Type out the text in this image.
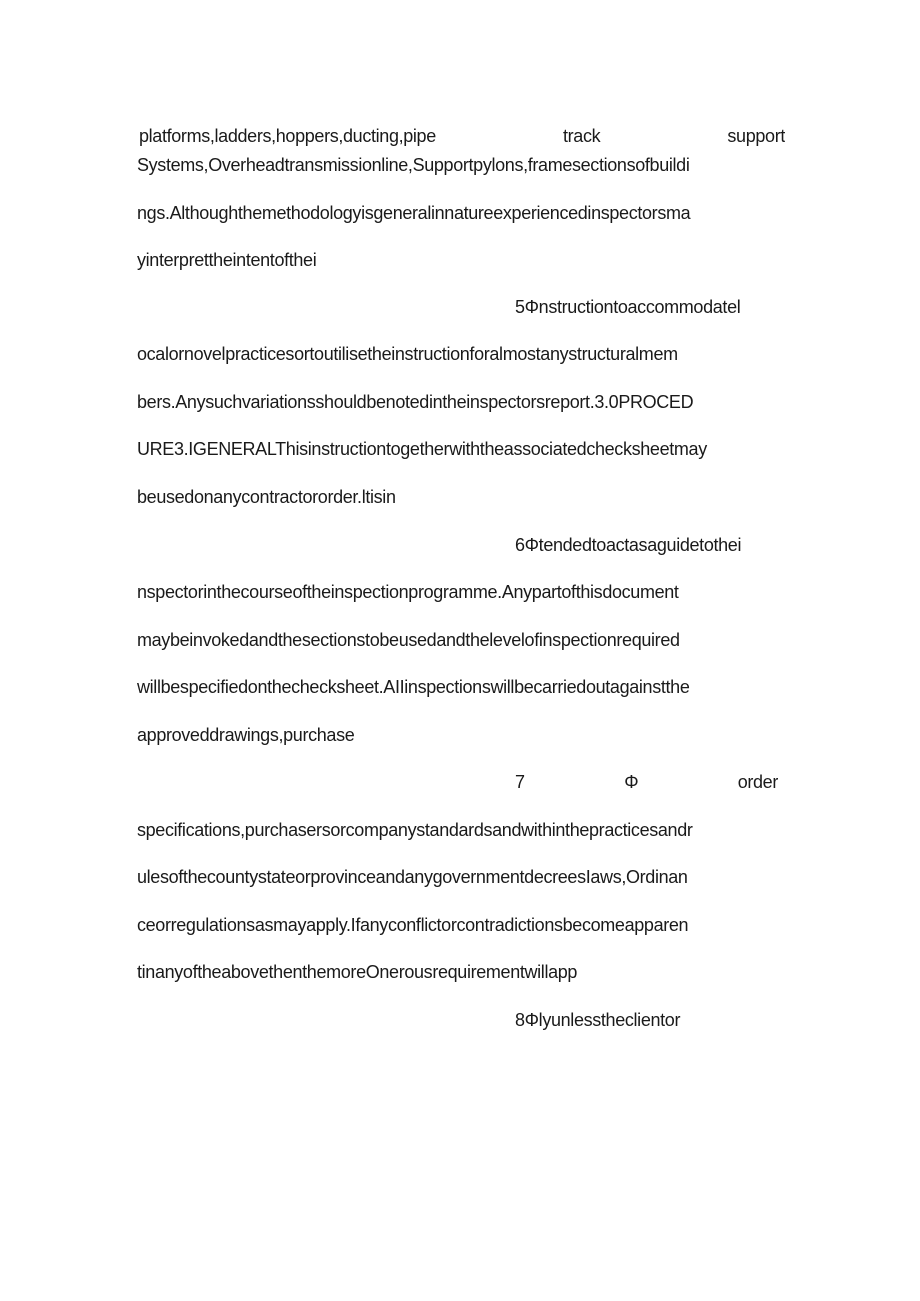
platforms,ladders,hoppers,ducting,pipe	track	support
Systems,Overheadtransmissionline,Supportpylons,framesectionsofbuildi
ngs.Althoughthemethodologyisgeneralinnatureexperiencedinspectorsma
yinterprettheintentofthei
5Φnstructiontoaccommodatel
ocalornovelpracticesortoutilisetheinstructionforalmostanystructuralmem
bers.Anysuchvariationsshouldbenotedintheinspectorsreport.3.0PROCED
URE3.IGENERALThisinstructiontogetherwiththeassociatedchecksheetmay
beusedonanycontractororder.ltisin
6Φtendedtoactasaguidetothei
nspectorinthecourseoftheinspectionprogramme.Anypartofthisdocument
maybeinvokedandthesectionstobeusedandthelevelofinspectionrequired
willbespecifiedonthechecksheet.AIIinspectionswillbecarriedoutagainstthe
approveddrawings,purchase
7	Φ	order
specifications,purchasersorcompanystandardsandwithinthepracticesandr
ulesofthecountystateorprovinceandanygovernmentdecreesIaws,Ordinan
ceorregulationsasmayapply.Ifanyconflictorcontradictionsbecomeapparen
tinanyoftheabovethenthemoreOnerousrequirementwillapp
8Φlyunlesstheclientor
